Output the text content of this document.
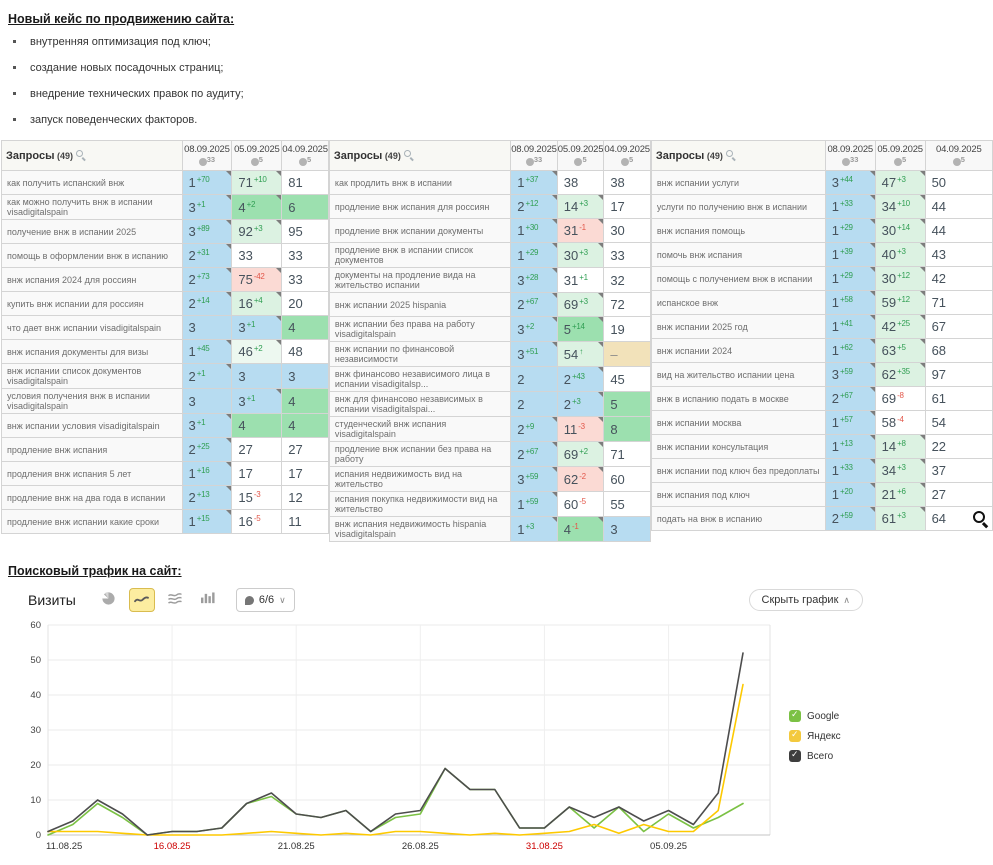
Новый кейс по продвижению сайта:
внутренняя оптимизация под ключ;
создание новых посадочных страниц;
внедрение технических правок по аудиту;
запуск поведенческих факторов.
Запросы (49)	
08.09.2025
$^{33}$

05.09.2025
$^5$

04.09.2025
$^5$

как получить испанский внж	$1^{+70}$	$71^{+10}$	81
как можно получить внж в испании visadigitalspain	$3^{+1}$	$4^{+2}$	6
получение внж в испании 2025	$3^{+89}$	$92^{+3}$	95
помощь в оформлении внж в испанию	$2^{+31}$	33	33
внж испания 2024 для россиян	$2^{+73}$	$75^{-42}$	33
купить внж испании для россиян	$2^{+14}$	$16^{+4}$	20
что дает внж испании visadigitalspain	3	$3^{+1}$	4
внж испания документы для визы	$1^{+45}$	$46^{+2}$	48
внж испании список документов visadigitalspain	$2^{+1}$	3	3
условия получения внж в испании visadigitalspain	3	$3^{+1}$	4
внж испании условия visadigitalspain	$3^{+1}$	4	4
продление внж испания	$2^{+25}$	27	27
продления внж испания 5 лет	$1^{+16}$	17	17
продление внж на два года в испании	$2^{+13}$	$15^{-3}$	12
продление внж испании какие сроки	$1^{+15}$	$16^{-5}$	11
Запросы (49)	
08.09.2025
$^{33}$

05.09.2025
$^5$

04.09.2025
$^5$

как продлить внж в испании	$1^{+37}$	38	38
продление внж испания для россиян	$2^{+12}$	$14^{+3}$	17
продление внж испании документы	$1^{+30}$	$31^{-1}$	30
продление внж в испании список документов	$1^{+29}$	$30^{+3}$	33
документы на продление вида на жительство испании	$3^{+28}$	$31^{+1}$	32
внж испании 2025 hispania	$2^{+67}$	$69^{+3}$	72
внж испании без права на работу visadigitalspain	$3^{+2}$	$5^{+14}$	19
внж испании по финансовой независимости	$3^{+51}$	54↑	–
внж финансово независимого лица в испании visadigitalsp...	2	$2^{+43}$	45
внж для финансово независимых в испании visadigitalspai...	2	$2^{+3}$	5
студенческий внж испания visadigitalspain	$2^{+9}$	$11^{-3}$	8
продление внж испании без права на работу	$2^{+67}$	$69^{+2}$	71
испания недвижимость вид на жительство	$3^{+59}$	$62^{-2}$	60
испания покупка недвижимости вид на жительство	$1^{+59}$	$60^{-5}$	55
внж испания недвижимость hispania visadigitalspain	$1^{+3}$	$4^{-1}$	3
Запросы (49)	
08.09.2025
$^{33}$

05.09.2025
$^5$

04.09.2025
$^5$

внж испании услуги	$3^{+44}$	$47^{+3}$	50
услуги по получению внж в испании	$1^{+33}$	$34^{+10}$	44
внж испания помощь	$1^{+29}$	$30^{+14}$	44
помочь внж испания	$1^{+39}$	$40^{+3}$	43
помощь с получением внж в испании	$1^{+29}$	$30^{+12}$	42
испанское внж	$1^{+58}$	$59^{+12}$	71
внж испании 2025 год	$1^{+41}$	$42^{+25}$	67
внж испании 2024	$1^{+62}$	$63^{+5}$	68
вид на жительство испании цена	$3^{+59}$	$62^{+35}$	97
внж в испанию подать в москве	$2^{+67}$	$69^{-8}$	61
внж испании москва	$1^{+57}$	$58^{-4}$	54
внж испании консультация	$1^{+13}$	$14^{+8}$	22
внж испании под ключ без предоплаты	$1^{+33}$	$34^{+3}$	37
внж испания под ключ	$1^{+20}$	$21^{+6}$	27
подать на внж в испанию	$2^{+59}$	$61^{+3}$	64
Поисковый трафик на сайт:
Визиты	6/6 ∨	Скрыть график ∧
0
10
20
30
40
50
60
11.08.25	16.08.25	21.08.25	26.08.25	31.08.25	05.09.25
✓
Google
✓
Яндекс
✓
Всего
